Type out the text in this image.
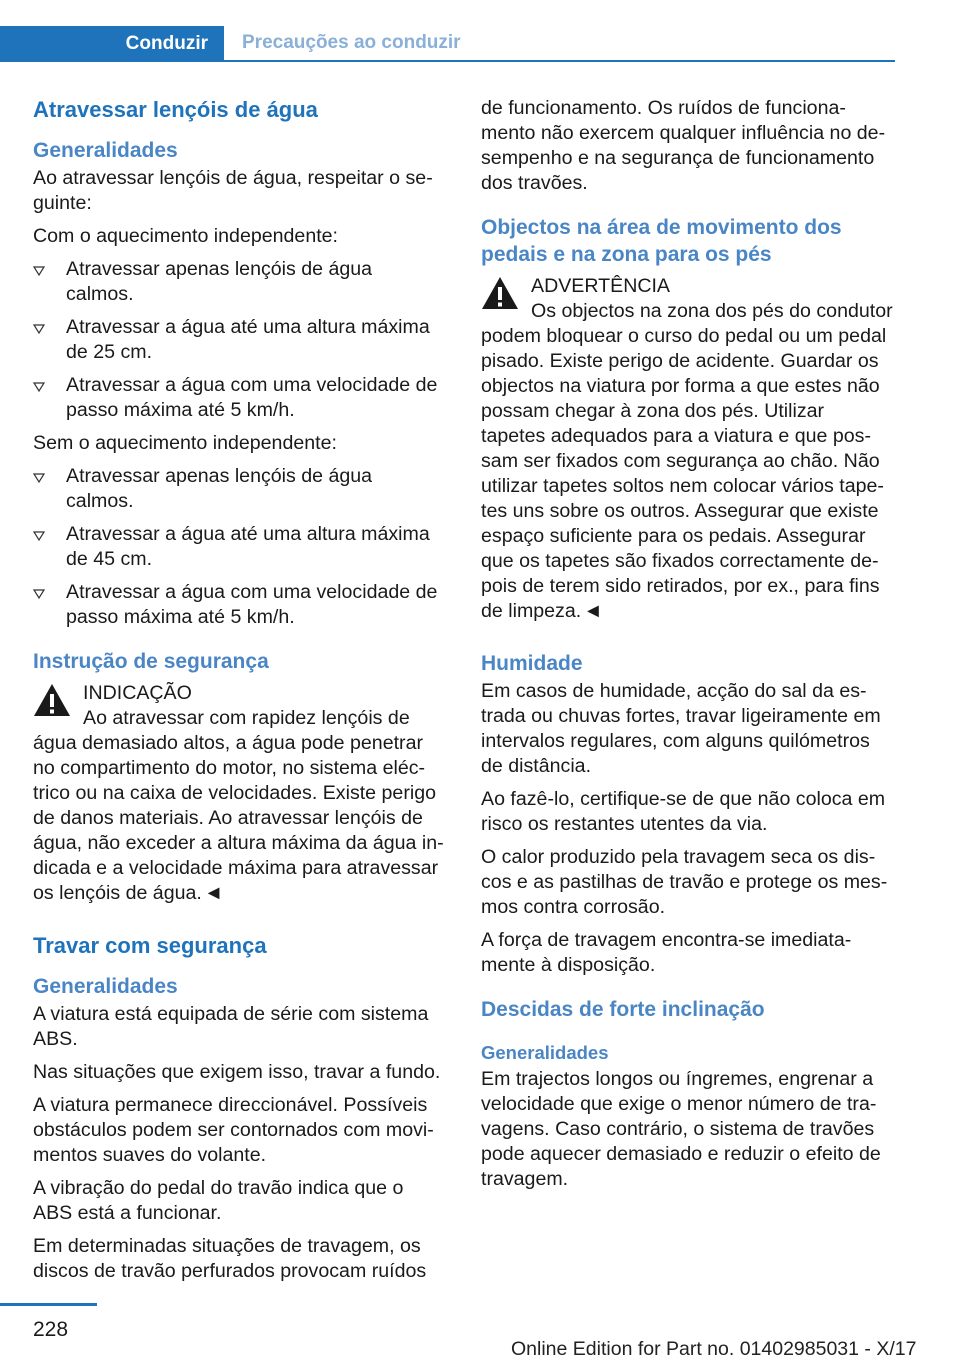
Conduzir	Precauções ao conduzir
Atravessar lençóis de água
Generalidades

Ao atravessar lençóis de água, respeitar o seguinte:

Com o aquecimento independente:

Atravessar apenas lençóis de água calmos.
Atravessar a água até uma altura máxima de 25 cm.
Atravessar a água com uma velocidade de passo máxima até 5 km/h.

Sem o aquecimento independente:

Atravessar apenas lençóis de água calmos.
Atravessar a água até uma altura máxima de 45 cm.
Atravessar a água com uma velocidade de passo máxima até 5 km/h.
Instrução de segurança
INDICAÇÃO
Ao atravessar com rapidez lençóis de água demasiado altos, a água pode penetrar no compartimento do motor, no sistema eléctrico ou na caixa de velocidades. Existe perigo de danos materiais. Ao atravessar lençóis de água, não exceder a altura máxima da água indicada e a velocidade máxima para atravessar os lençóis de água. ◄
Travar com segurança
Generalidades

A viatura está equipada de série com sistema ABS.

Nas situações que exigem isso, travar a fundo.

A viatura permanece direccionável. Possíveis obstáculos podem ser contornados com movimentos suaves do volante.

A vibração do pedal do travão indica que o ABS está a funcionar.

Em determinadas situações de travagem, os discos de travão perfurados provocam ruídos

de funcionamento. Os ruídos de funcionamento não exercem qualquer influência no desempenho e na segurança de funcionamento dos travões.

Objectos na área de movimento dos pedais e na zona para os pés
ADVERTÊNCIA
Os objectos na zona dos pés do condutor podem bloquear o curso do pedal ou um pedal pisado. Existe perigo de acidente. Guardar os objectos na viatura por forma a que estes não possam chegar à zona dos pés. Utilizar tapetes adequados para a viatura e que possam ser fixados com segurança ao chão. Não utilizar tapetes soltos nem colocar vários tapetes uns sobre os outros. Assegurar que existe espaço suficiente para os pedais. Assegurar que os tapetes são fixados correctamente depois de terem sido retirados, por ex., para fins de limpeza. ◄
Humidade

Em casos de humidade, acção do sal da estrada ou chuvas fortes, travar ligeiramente em intervalos regulares, com alguns quilómetros de distância.

Ao fazê-lo, certifique-se de que não coloca em risco os restantes utentes da via.

O calor produzido pela travagem seca os discos e as pastilhas de travão e protege os mesmos contra corrosão.

A força de travagem encontra-se imediatamente à disposição.

Descidas de forte inclinação
Generalidades

Em trajectos longos ou íngremes, engrenar a velocidade que exige o menor número de travagens. Caso contrário, o sistema de travões pode aquecer demasiado e reduzir o efeito de travagem.

228
Online Edition for Part no. 01402985031 - X/17
